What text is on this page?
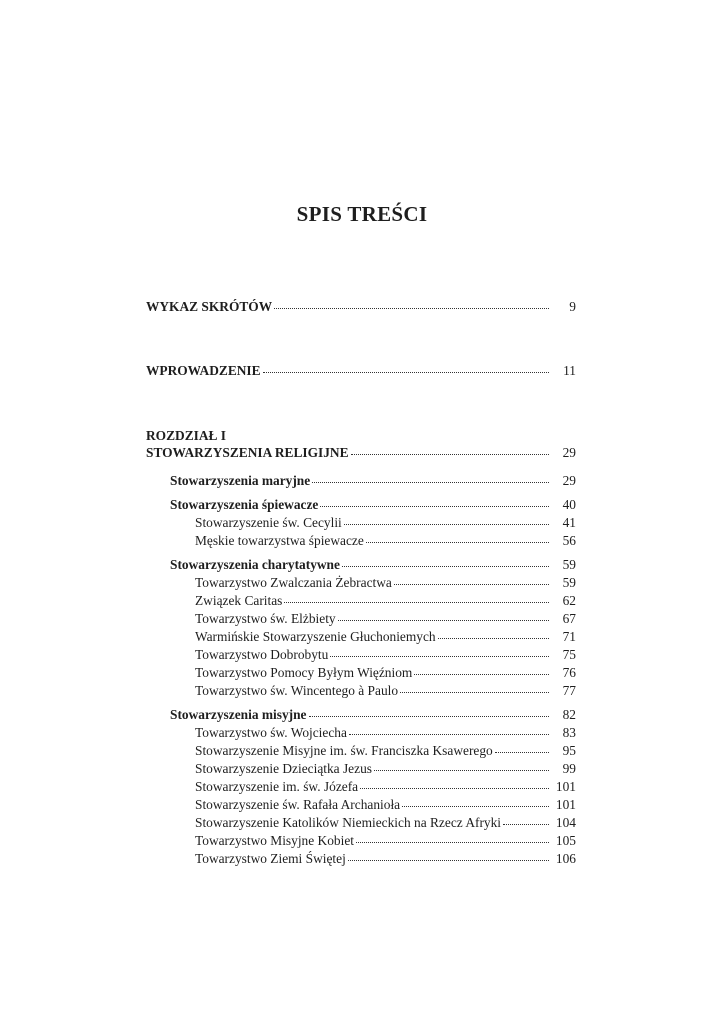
SPIS TREŚCI
WYKAZ SKRÓTÓW	9
WPROWADZENIE	11
ROZDZIAŁ I
STOWARZYSZENIA RELIGIJNE	29
Stowarzyszenia maryjne	29
Stowarzyszenia śpiewacze	40
Stowarzyszenie św. Cecylii	41
Męskie towarzystwa śpiewacze	56
Stowarzyszenia charytatywne	59
Towarzystwo Zwalczania Żebractwa	59
Związek Caritas	62
Towarzystwo św. Elżbiety	67
Warmińskie Stowarzyszenie Głuchoniemych	71
Towarzystwo Dobrobytu	75
Towarzystwo Pomocy Byłym Więźniom	76
Towarzystwo św. Wincentego à Paulo	77
Stowarzyszenia misyjne	82
Towarzystwo św. Wojciecha	83
Stowarzyszenie Misyjne im. św. Franciszka Ksawerego	95
Stowarzyszenie Dzieciątka Jezus	99
Stowarzyszenie im. św. Józefa	101
Stowarzyszenie św. Rafała Archanioła	101
Stowarzyszenie Katolików Niemieckich na Rzecz Afryki	104
Towarzystwo Misyjne Kobiet	105
Towarzystwo Ziemi Świętej	106
